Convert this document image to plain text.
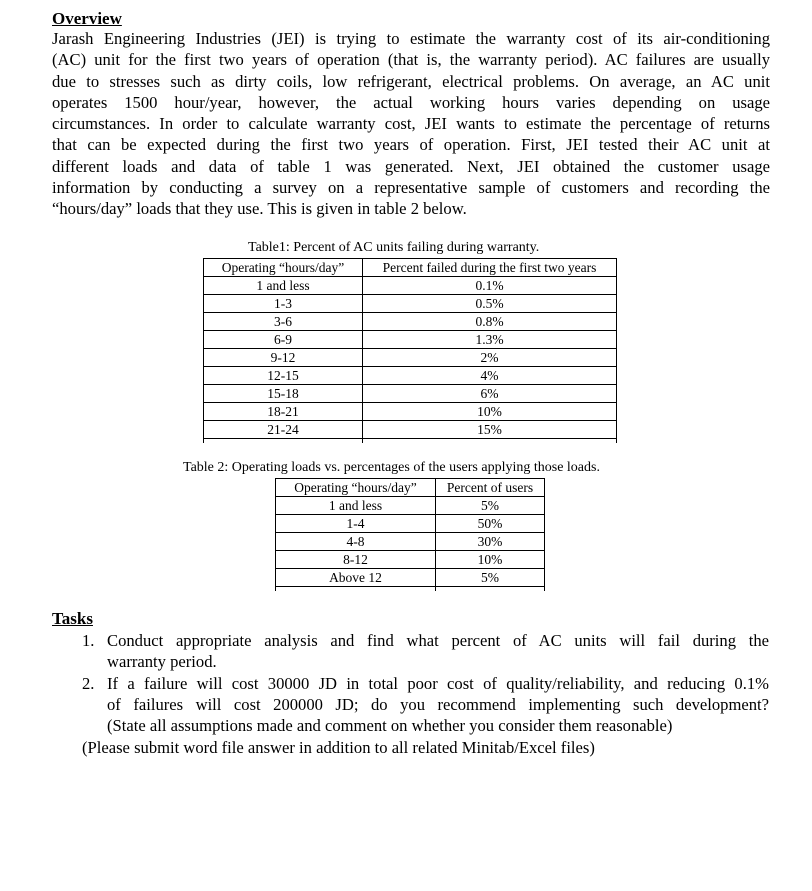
Overview
Jarash Engineering Industries (JEI) is trying to estimate the warranty cost of its air-conditioning
(AC) unit for the first two years of operation (that is, the warranty period). AC failures are usually
due to stresses such as dirty coils, low refrigerant, electrical problems. On average, an AC unit
operates 1500 hour/year, however, the actual working hours varies depending on usage
circumstances. In order to calculate warranty cost, JEI wants to estimate the percentage of returns
that can be expected during the first two years of operation. First, JEI tested their AC unit at
different loads and data of table 1 was generated. Next, JEI obtained the customer usage
information by conducting a survey on a representative sample of customers and recording the
“hours/day” loads that they use. This is given in table 2 below.
Table1: Percent of AC units failing during warranty.
Operating “hours/day”	Percent failed during the first two years
1 and less	0.1%
1-3	0.5%
3-6	0.8%
6-9	1.3%
9-12	2%
12-15	4%
15-18	6%
18-21	10%
21-24	15%

Table 2: Operating loads vs. percentages of the users applying those loads.
Operating “hours/day”	Percent of users
1 and less	5%
1-4	50%
4-8	30%
8-12	10%
Above 12	5%

Tasks
1. Conduct appropriate analysis and find what percent of AC units will fail during the
warranty period.
2. If a failure will cost 30000 JD in total poor cost of quality/reliability, and reducing 0.1%
of failures will cost 200000 JD; do you recommend implementing such development?
(State all assumptions made and comment on whether you consider them reasonable)
(Please submit word file answer in addition to all related Minitab/Excel files)
